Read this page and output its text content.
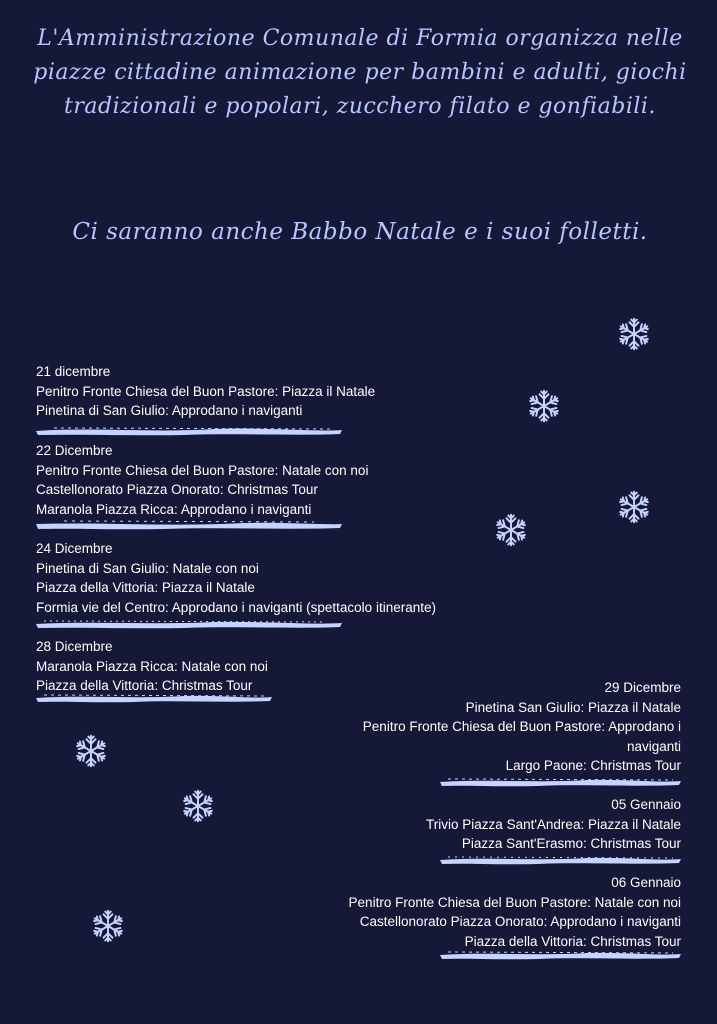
L'Amministrazione Comunale di Formia organizza nelle piazze cittadine animazione per bambini e adulti, giochi tradizionali e popolari, zucchero filato e gonfiabili.
Ci saranno anche Babbo Natale e i suoi folletti.
21 dicembre
Penitro Fronte Chiesa del Buon Pastore: Piazza il Natale
Pinetina di San Giulio: Approdano i naviganti
22 Dicembre
Penitro Fronte Chiesa del Buon Pastore: Natale con noi
Castellonorato Piazza Onorato: Christmas Tour
Maranola Piazza Ricca: Approdano i naviganti
24 Dicembre
Pinetina di San Giulio: Natale con noi
Piazza della Vittoria: Piazza il Natale
Formia vie del Centro: Approdano i naviganti (spettacolo itinerante)
28 Dicembre
Maranola Piazza Ricca: Natale con noi
Piazza della Vittoria: Christmas Tour	29 Dicembre
Pinetina San Giulio: Piazza il Natale
Penitro Fronte Chiesa del Buon Pastore: Approdano i naviganti
Largo Paone: Christmas Tour
05 Gennaio
Trivio Piazza Sant'Andrea: Piazza il Natale
Piazza Sant'Erasmo: Christmas Tour
06 Gennaio
Penitro Fronte Chiesa del Buon Pastore: Natale con noi
Castellonorato Piazza Onorato: Approdano i naviganti
Piazza della Vittoria: Christmas Tour
